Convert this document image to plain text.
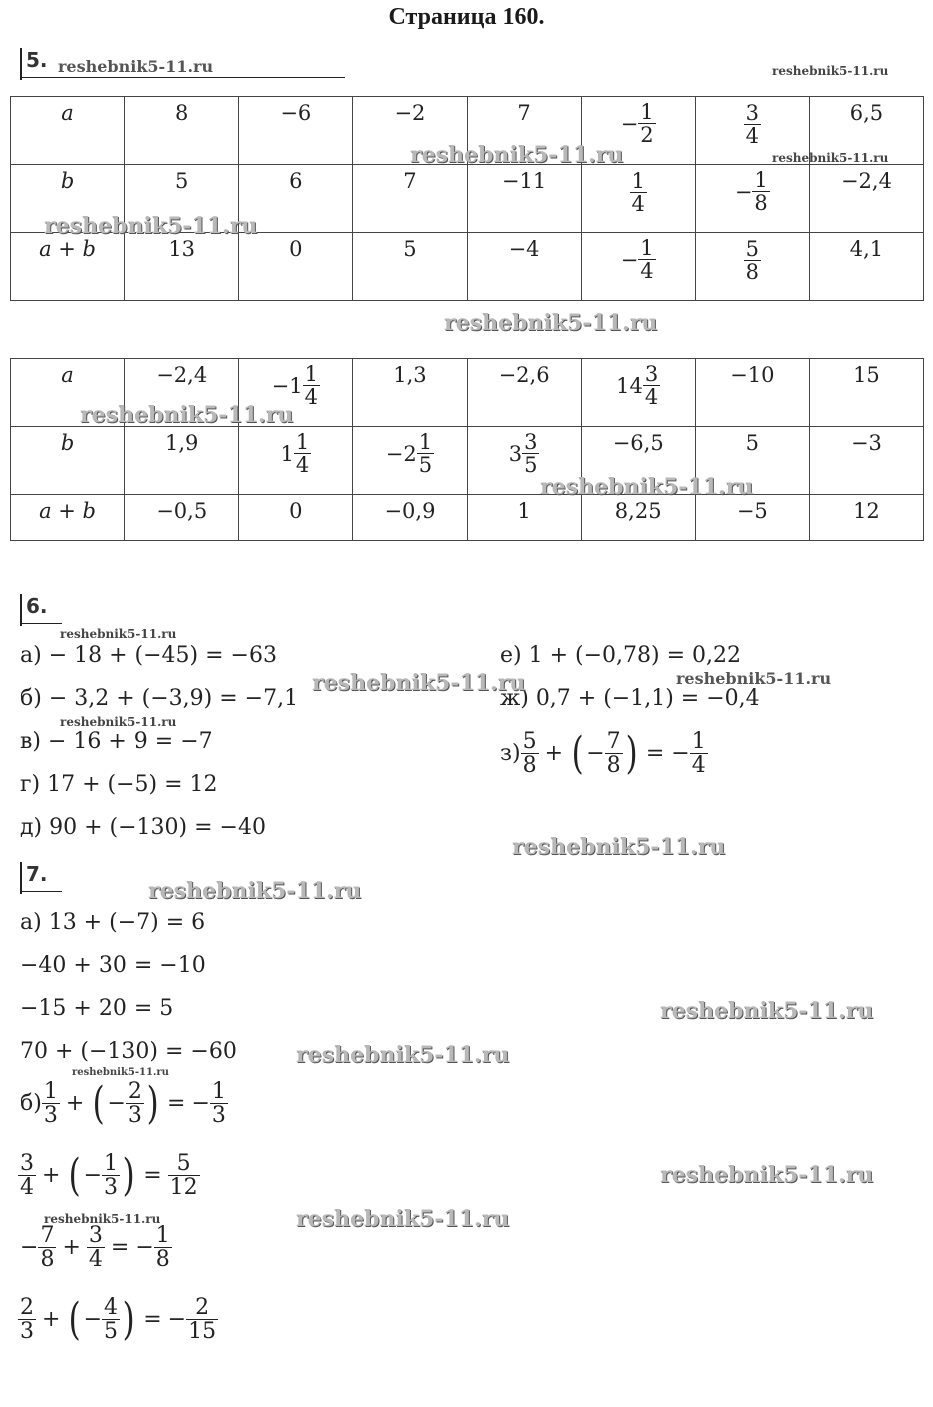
Страница 160.
5.
a	8	−6	−2	7	− $\frac{1}{2}$	$\frac{3}{4}$	6,5
b	5	6	7	−11	$\frac{1}{4}$	− $\frac{1}{8}$	−2,4
a + b	13	0	5	−4	− $\frac{1}{4}$	$\frac{5}{8}$	4,1
a	−2,4	$-1 \frac{1}{4}$	1,3	−2,6	$14 \frac{3}{4}$	−10	15
b	1,9	$1 \frac{1}{4}$	$-2 \frac{1}{5}$	$3 \frac{3}{5}$	−6,5	5	−3
a + b	−0,5	0	−0,9	1	8,25	−5	12
6.
а) − 18 + (−45) = −63
б) − 3,2 + (−3,9) = −7,1
в) − 16 + 9 = −7
г) 17 + (−5) = 12
д) 90 + (−130) = −40
е) 1 + (−0,78) = 0,22
ж) 0,7 + (−1,1) = −0,4
$з) \frac{5}{8}$ + ( − $\frac{7}{8}$ ) = − $\frac{1}{4}$
7.
а) 13 + (−7) = 6
−40 + 30 = −10
−15 + 20 = 5
70 + (−130) = −60
$б) \frac{1}{3}$ + ( − $\frac{2}{3}$ ) = − $\frac{1}{3}$
$\frac{3}{4}$ + ( − $\frac{1}{3}$ ) = $\frac{5}{12}$
− $\frac{7}{8} + \frac{3}{4}$ = − $\frac{1}{8}$
$\frac{2}{3}$ + ( − $\frac{4}{5}$ ) = − $\frac{2}{15}$
reshebnik5-11.ru	reshebnik5-11.ru
reshebnik5-11.ru	reshebnik5-11.ru
reshebnik5-11.ru
reshebnik5-11.ru
reshebnik5-11.ru
reshebnik5-11.ru
reshebnik5-11.ru
reshebnik5-11.ru	reshebnik5-11.ru
reshebnik5-11.ru
reshebnik5-11.ru
reshebnik5-11.ru
reshebnik5-11.ru
reshebnik5-11.ru
reshebnik5-11.ru
reshebnik5-11.ru
reshebnik5-11.ru	reshebnik5-11.ru
